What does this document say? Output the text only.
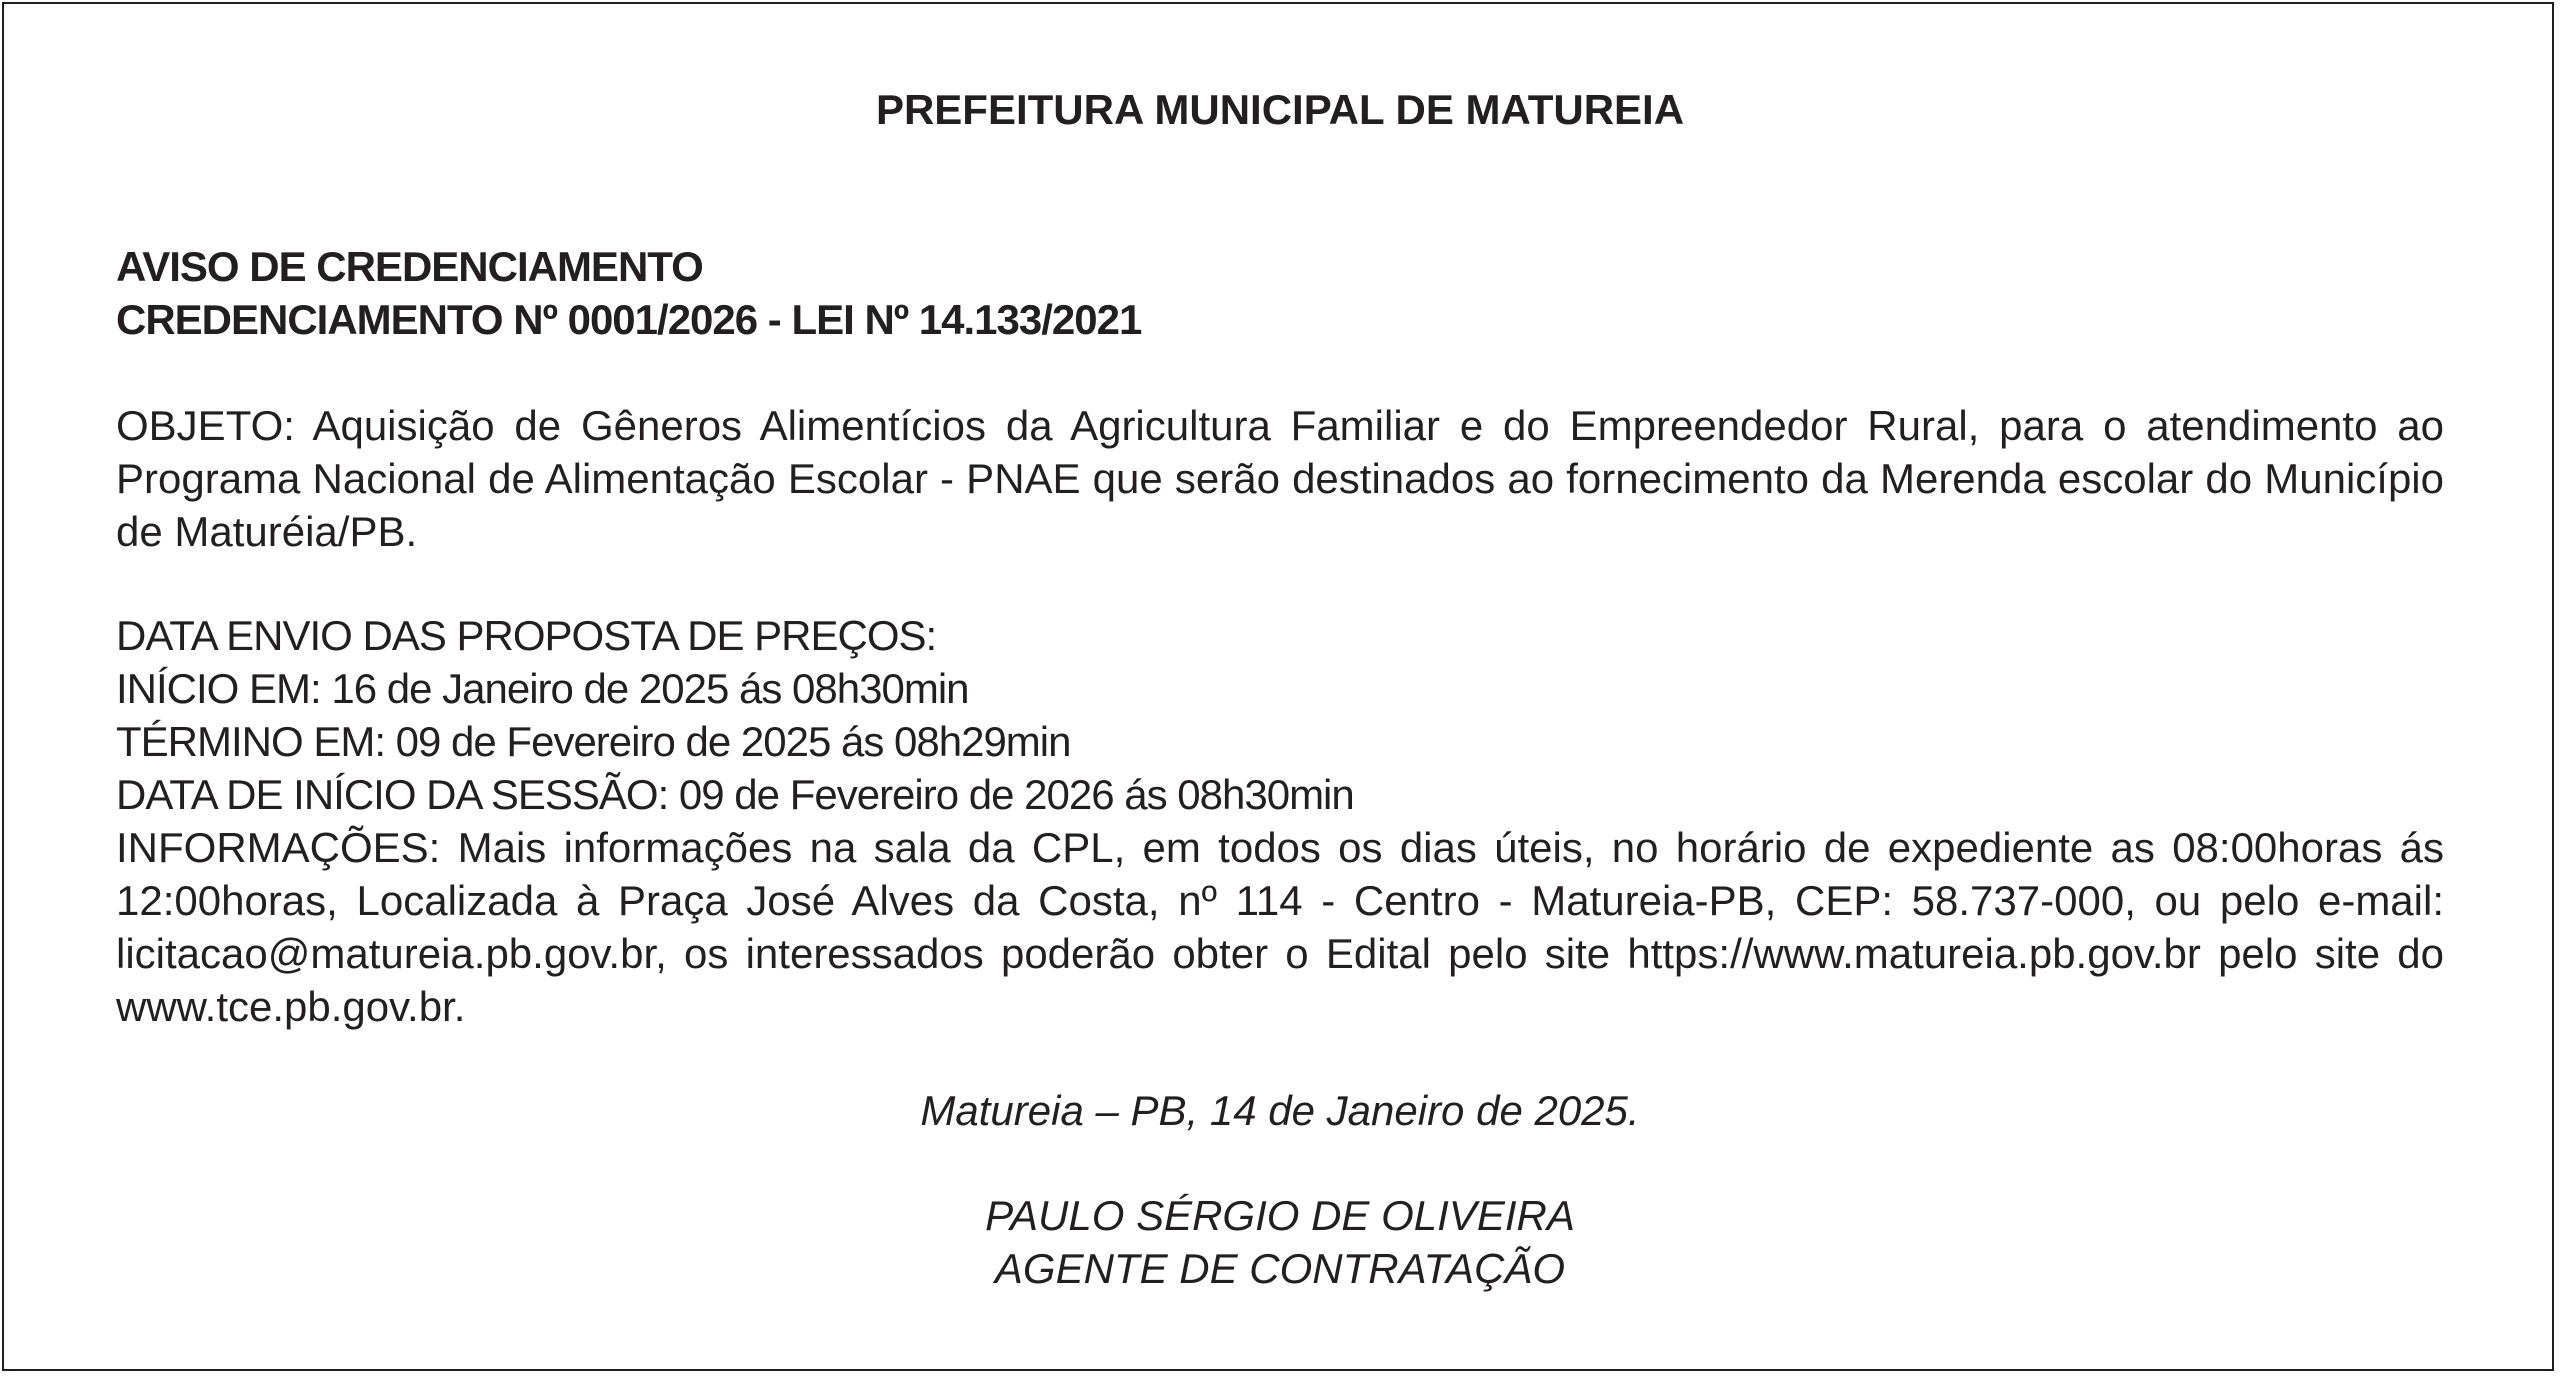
PREFEITURA MUNICIPAL DE MATUREIA
AVISO DE CREDENCIAMENTO
CREDENCIAMENTO Nº 0001/2026 - LEI Nº 14.133/2021
OBJETO: Aquisição de Gêneros Alimentícios da Agricultura Familiar e do Empreendedor Rural, para o atendimento ao Programa Nacional de Alimentação Escolar - PNAE que serão destinados ao fornecimento da Merenda escolar do Município de Maturéia/PB.
DATA ENVIO DAS PROPOSTA DE PREÇOS:
INÍCIO EM: 16 de Janeiro de 2025 ás 08h30min
TÉRMINO EM: 09 de Fevereiro de 2025 ás 08h29min
DATA DE INÍCIO DA SESSÃO: 09 de Fevereiro de 2026 ás 08h30min
INFORMAÇÕES: Mais informações na sala da CPL, em todos os dias úteis, no horário de expediente as 08:00horas ás 12:00horas, Localizada à Praça José Alves da Costa, nº 114 - Centro - Matureia-PB, CEP: 58.737-000, ou pelo e-mail: licitacao@matureia.pb.gov.br, os interessados poderão obter o Edital pelo site https://www.matureia.pb.gov.br pelo site do www.tce.pb.gov.br.
Matureia – PB, 14 de Janeiro de 2025.
PAULO SÉRGIO DE OLIVEIRA
AGENTE DE CONTRATAÇÃO
